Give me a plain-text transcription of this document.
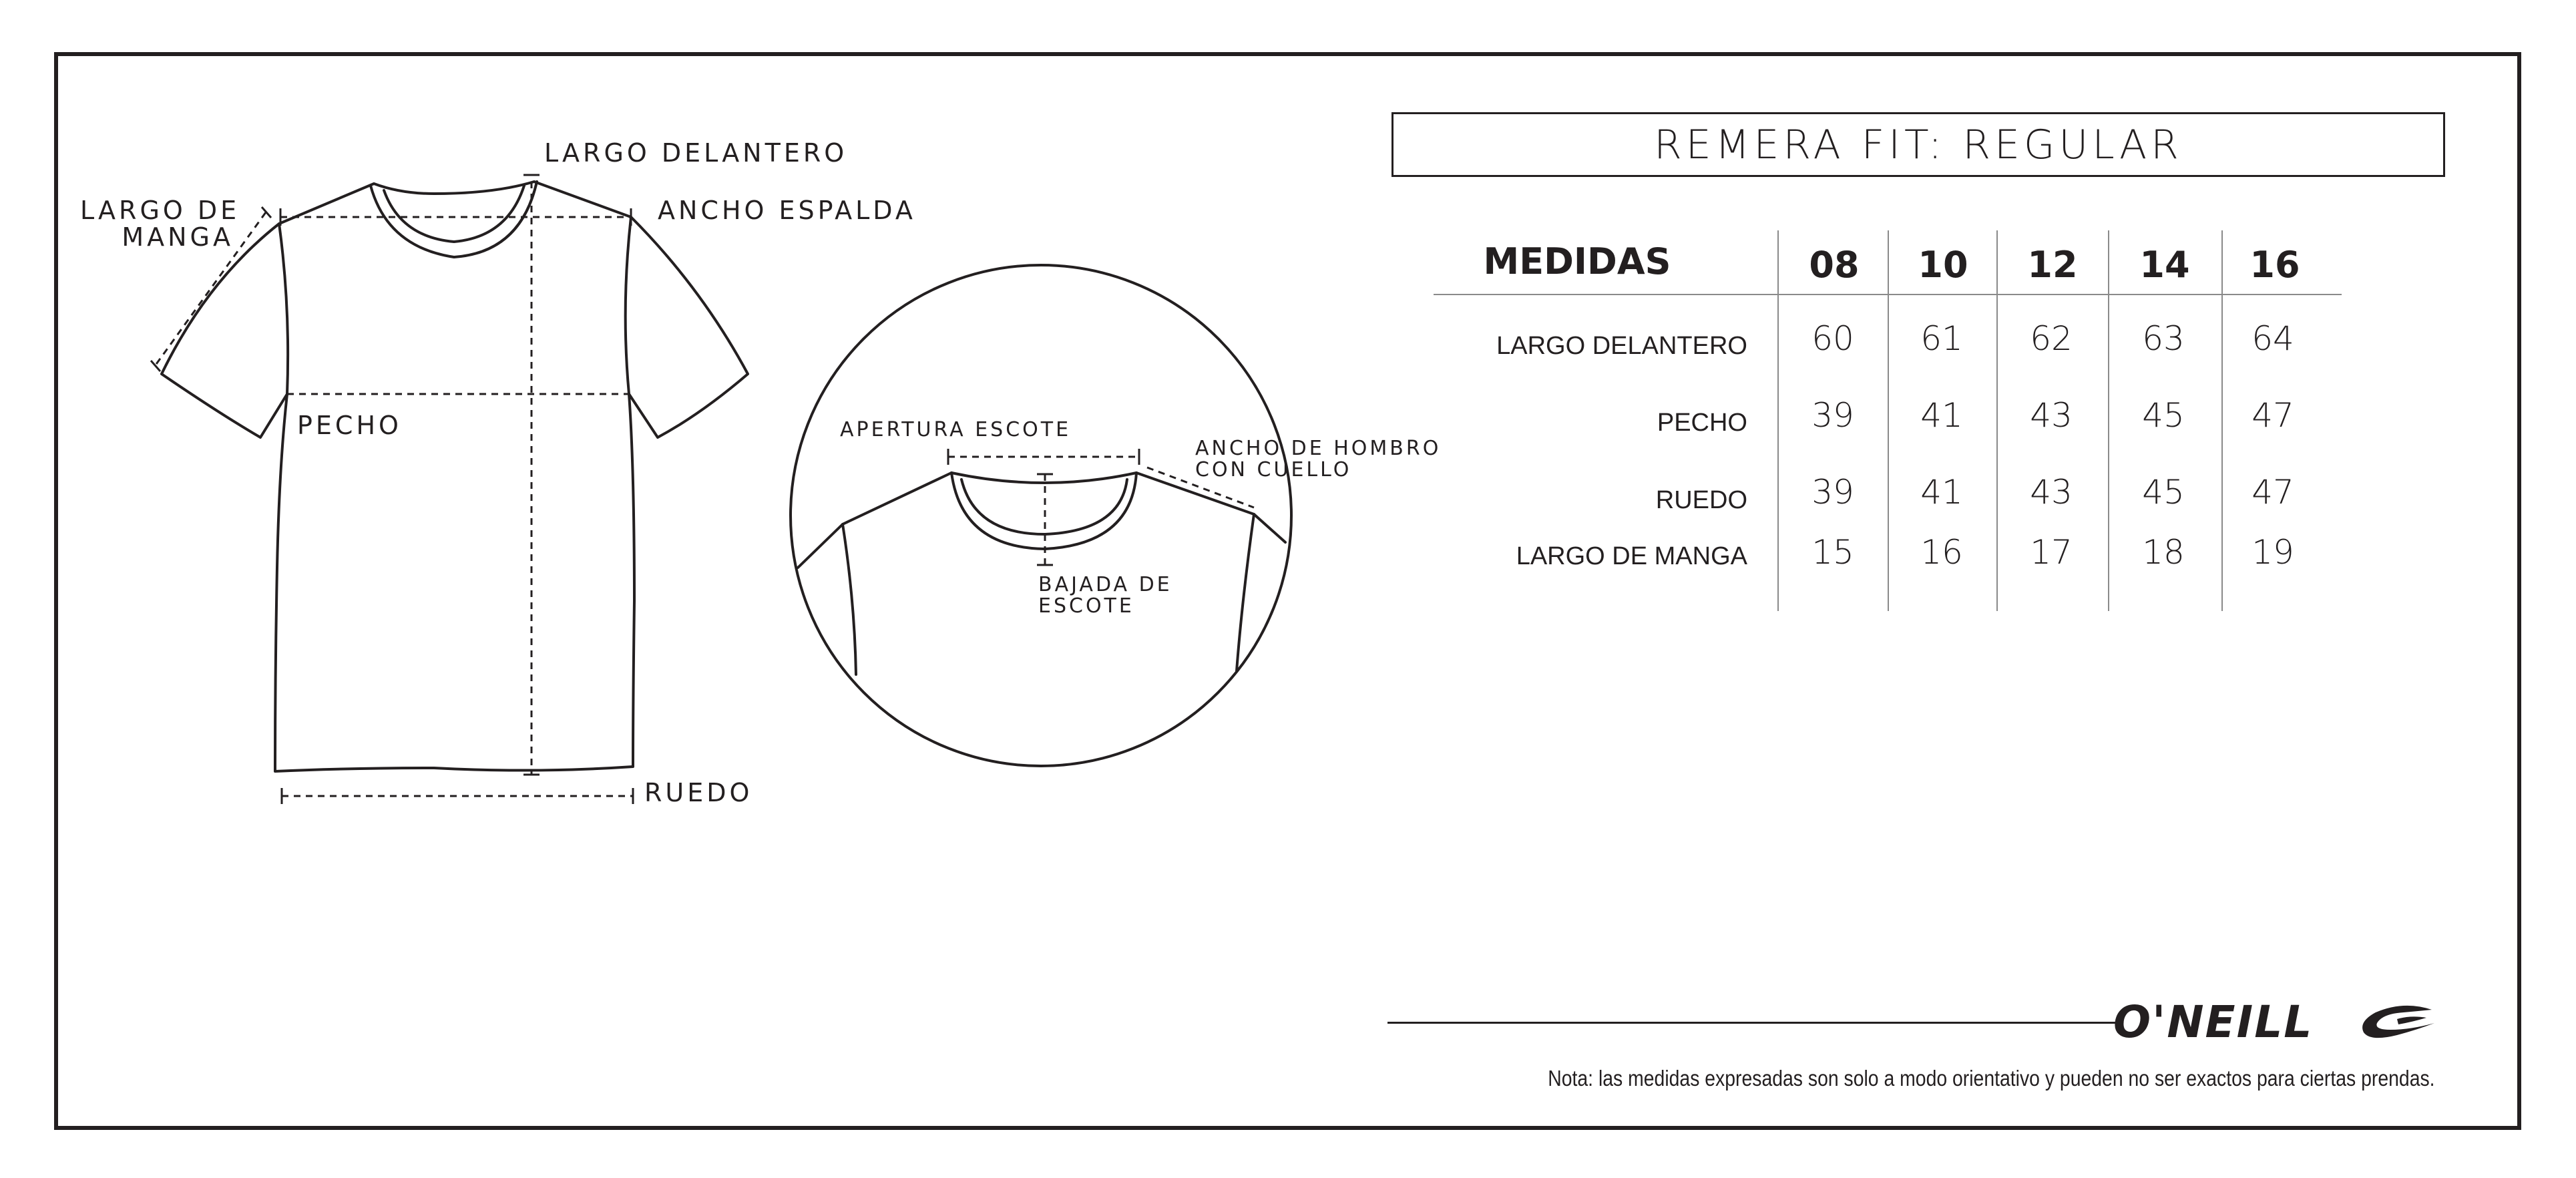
LARGO DELANTERO
LARGO DE
MANGA
ANCHO ESPALDA
PECHO
RUEDO
APERTURA ESCOTE
ANCHO DE HOMBRO
CON CUELLO
BAJADA DE
ESCOTE
REMERA FIT: REGULAR
MEDIDAS	08	10	12	14	16
LARGO DELANTERO	60	61	62	63	64
PECHO	39	41	43	45	47
RUEDO	39	41	43	45	47
LARGO DE MANGA	15	16	17	18	19
O'NEILL
Nota: las medidas expresadas son solo a modo orientativo y pueden no ser exactos para ciertas prendas.
